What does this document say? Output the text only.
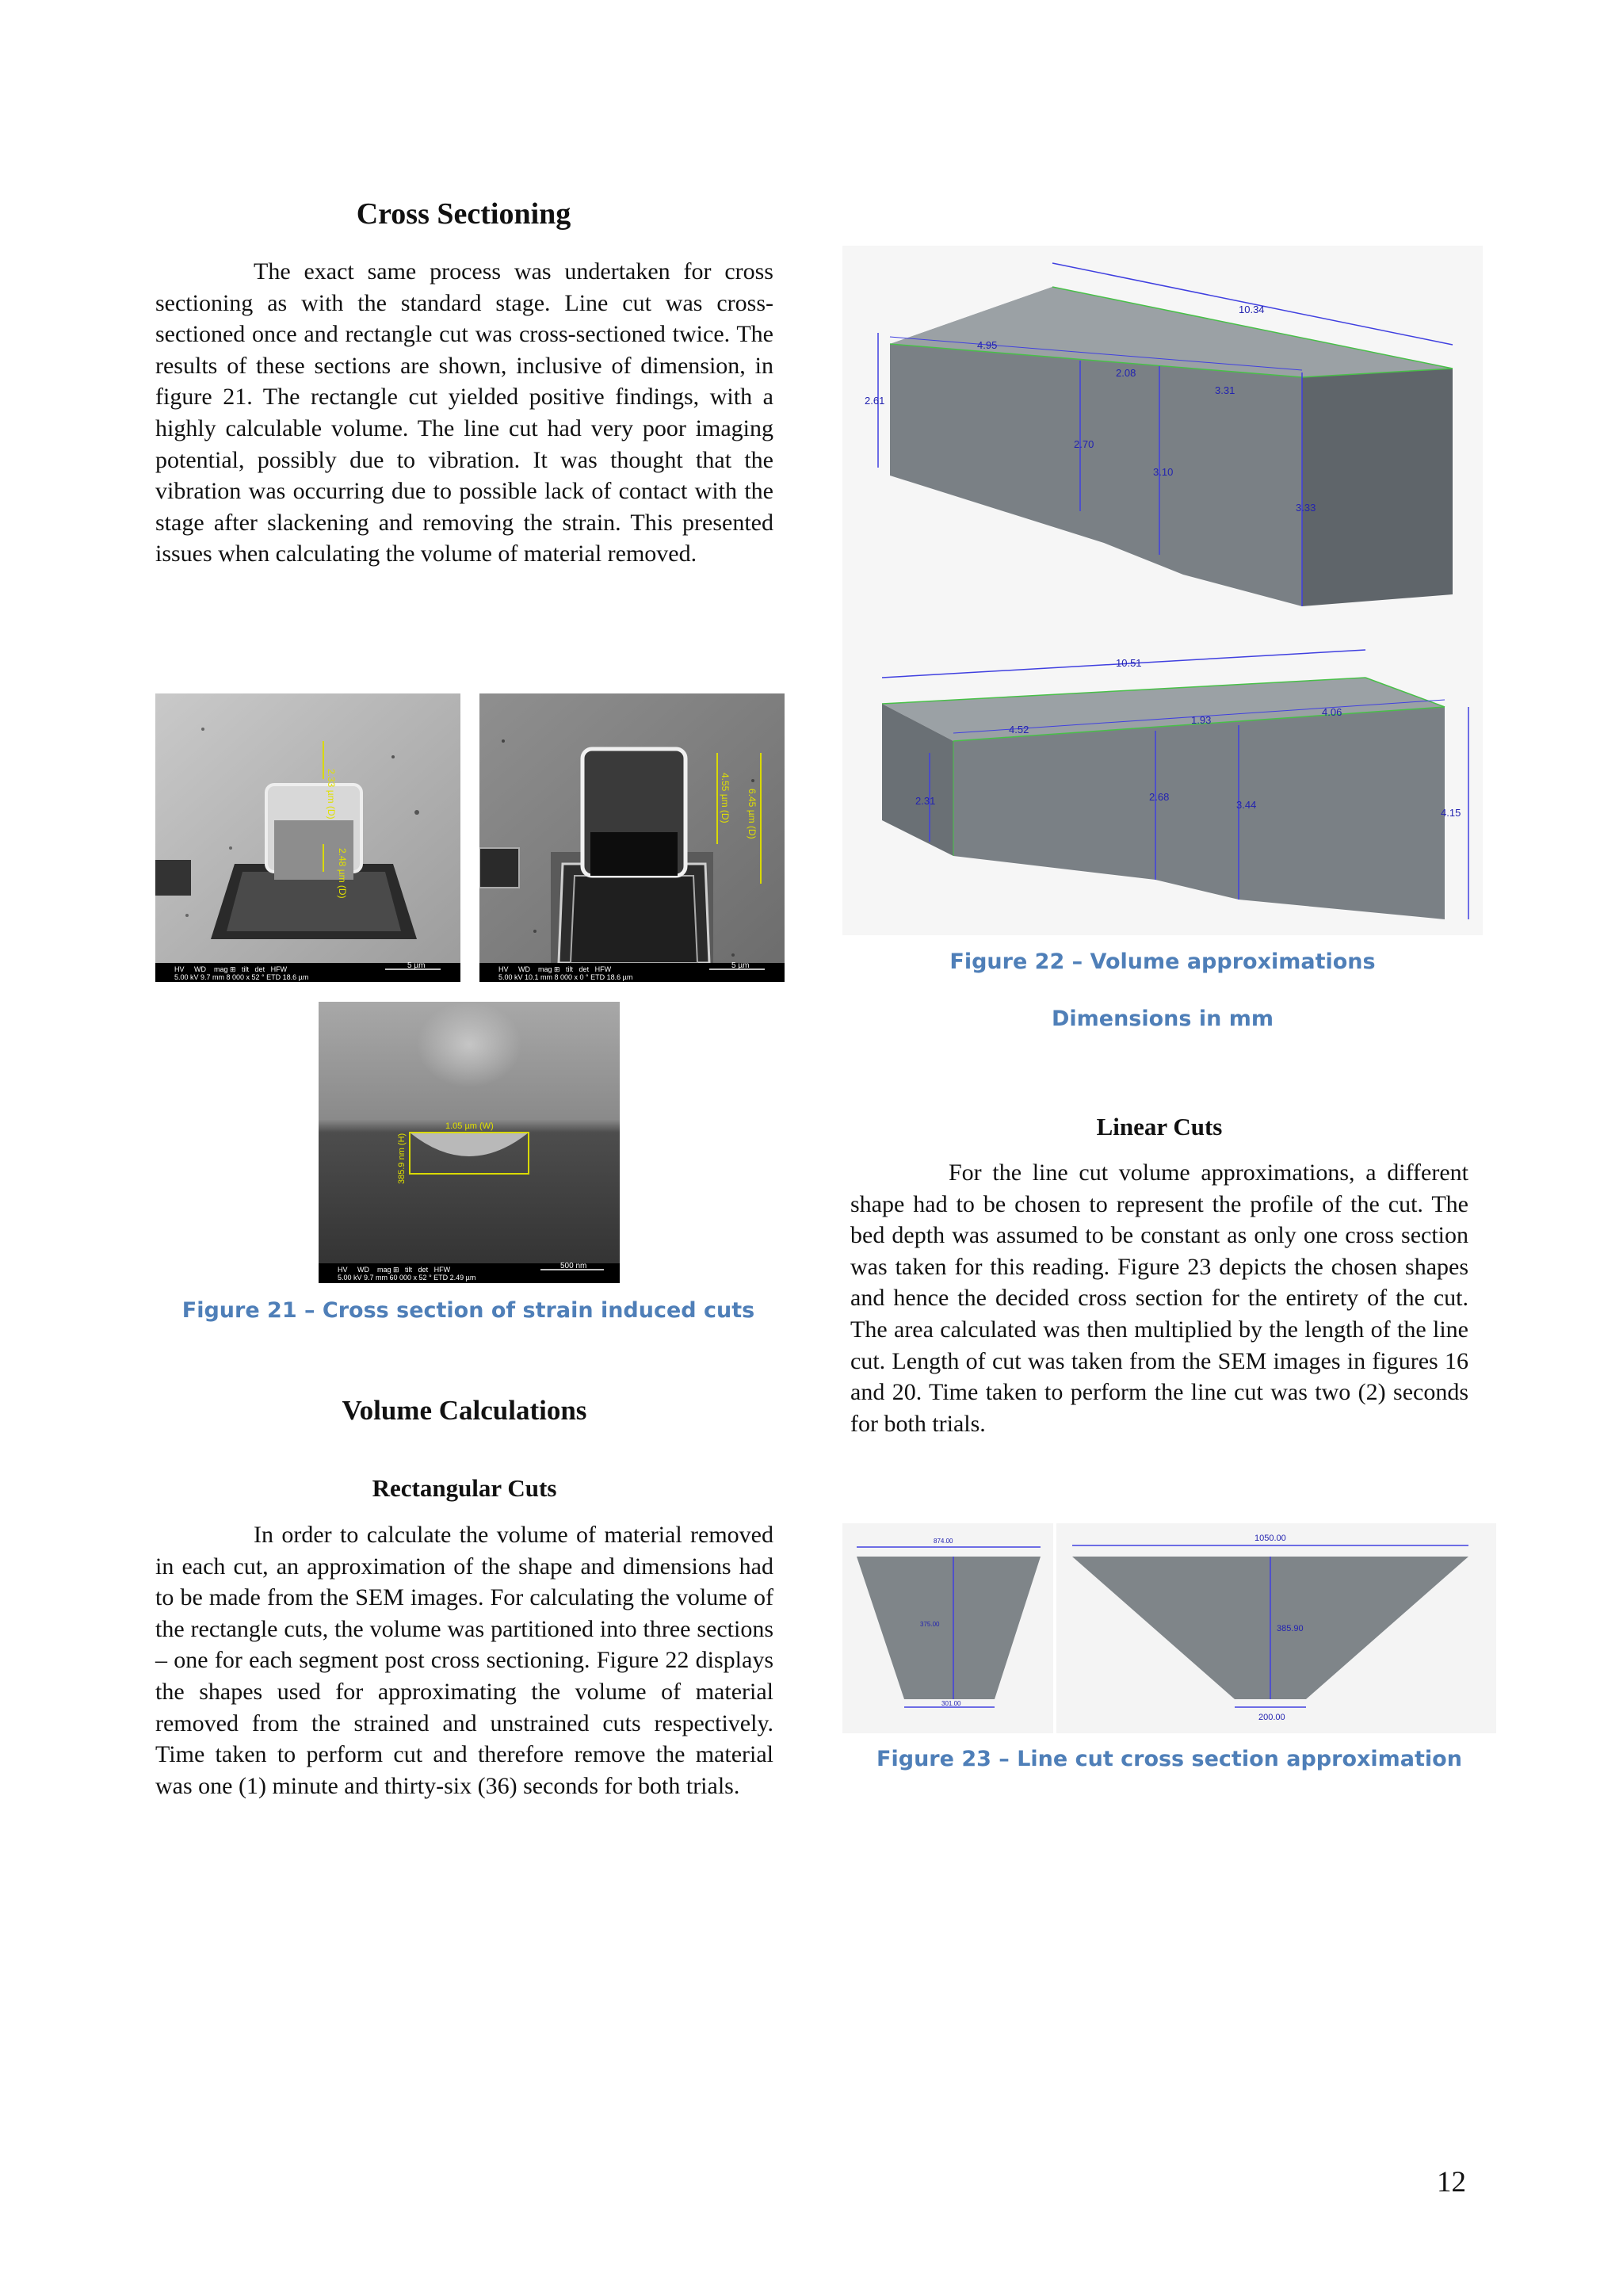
Cross Sectioning
The exact same process was undertaken for cross sectioning as with the standard stage. Line cut was cross-sectioned once and rectangle cut was cross-sectioned twice. The results of these sections are shown, inclusive of dimension, in figure 21. The rectangle cut yielded positive findings, with a highly calculable volume. The line cut had very poor imaging potential, possibly due to vibration. It was thought that the vibration was occurring due to possible lack of contact with the stage after slackening and removing the strain. This presented issues when calculating the volume of material removed.
2.33 µm (D)
2.48 µm (D)
HV     WD    mag ⊞   tilt   det   HFW
5.00 kV 9.7 mm 8 000 x 52 ° ETD 18.6 µm
5 µm
4.55 µm (D) 6.45 µm (D)
HV     WD    mag ⊞   tilt   det   HFW
5.00 kV 10.1 mm 8 000 x 0 ° ETD 18.6 µm
5 µm
1.05 µm (W)
385.9 nm (H)
HV     WD    mag ⊞   tilt   det   HFW
5.00 kV 9.7 mm 60 000 x 52 ° ETD 2.49 µm
500 nm
Figure 21 – Cross section of strain induced cuts
Volume Calculations
Rectangular Cuts
In order to calculate the volume of material removed in each cut, an approximation of the shape and dimensions had to be made from the SEM images. For calculating the volume of the rectangle cuts, the volume was partitioned into three sections – one for each segment post cross sectioning. Figure 22 displays the shapes used for approximating the volume of material removed from the strained and unstrained cuts respectively. Time taken to perform cut and therefore remove the material was one (1) minute and thirty-six (36) seconds for both trials.
10.34
4.95
2.08
3.31
2.61
2.70
3.10
3.33
10.51
4.52
1.93
4.06
2.31	2.68
3.44
4.15
Figure 22 – Volume approximations
Dimensions in mm
Linear Cuts
For the line cut volume approximations, a different shape had to be chosen to represent the profile of the cut. The bed depth was assumed to be constant as only one cross section was taken for this reading. Figure 23 depicts the chosen shapes and hence the decided cross section for the entirety of the cut. The area calculated was then multiplied by the length of the line cut. Length of cut was taken from the SEM images in figures 16 and 20. Time taken to perform the line cut was two (2) seconds for both trials.
874.00
375.00
301.00
1050.00
385.90
200.00
Figure 23 – Line cut cross section approximation
12
